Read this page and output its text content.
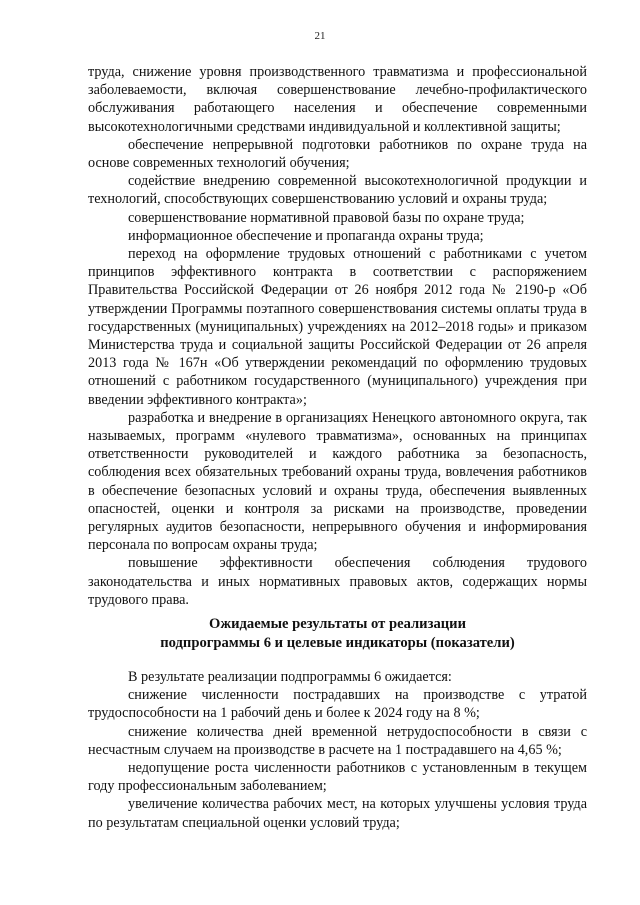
21

труда, снижение уровня производственного травматизма и профессиональной заболеваемости, включая совершенствование лечебно-профилактического обслуживания работающего населения и обеспечение современными высокотехнологичными средствами индивидуальной и коллективной защиты;

обеспечение непрерывной подготовки работников по охране труда на основе современных технологий обучения;

содействие внедрению современной высокотехнологичной продукции и технологий, способствующих совершенствованию условий и охраны труда;

совершенствование нормативной правовой базы по охране труда;

информационное обеспечение и пропаганда охраны труда;

переход на оформление трудовых отношений с работниками с учетом принципов эффективного контракта в соответствии с распоряжением Правительства Российской Федерации от 26 ноября 2012 года № 2190-р «Об утверждении Программы поэтапного совершенствования системы оплаты труда в государственных (муниципальных) учреждениях на 2012–2018 годы» и приказом Министерства труда и социальной защиты Российской Федерации от 26 апреля 2013 года № 167н «Об утверждении рекомендаций по оформлению трудовых отношений с работником государственного (муниципального) учреждения при введении эффективного контракта»;

разработка и внедрение в организациях Ненецкого автономного округа, так называемых, программ «нулевого травматизма», основанных на принципах ответственности руководителей и каждого работника за безопасность, соблюдения всех обязательных требований охраны труда, вовлечения работников в обеспечение безопасных условий и охраны труда, обеспечения выявленных опасностей, оценки и контроля за рисками на производстве, проведении регулярных аудитов безопасности, непрерывного обучения и информирования персонала по вопросам охраны труда;

повышение эффективности обеспечения соблюдения трудового законодательства и иных нормативных правовых актов, содержащих нормы трудового права.

Ожидаемые результаты от реализации
подпрограммы 6 и целевые индикаторы (показатели)

В результате реализации подпрограммы 6 ожидается:

снижение численности пострадавших на производстве с утратой трудоспособности на 1 рабочий день и более к 2024 году на 8 %;

снижение количества дней временной нетрудоспособности в связи с несчастным случаем на производстве в расчете на 1 пострадавшего на 4,65 %;

недопущение роста численности работников с установленным в текущем году профессиональным заболеванием;

увеличение количества рабочих мест, на которых улучшены условия труда по результатам специальной оценки условий труда;
